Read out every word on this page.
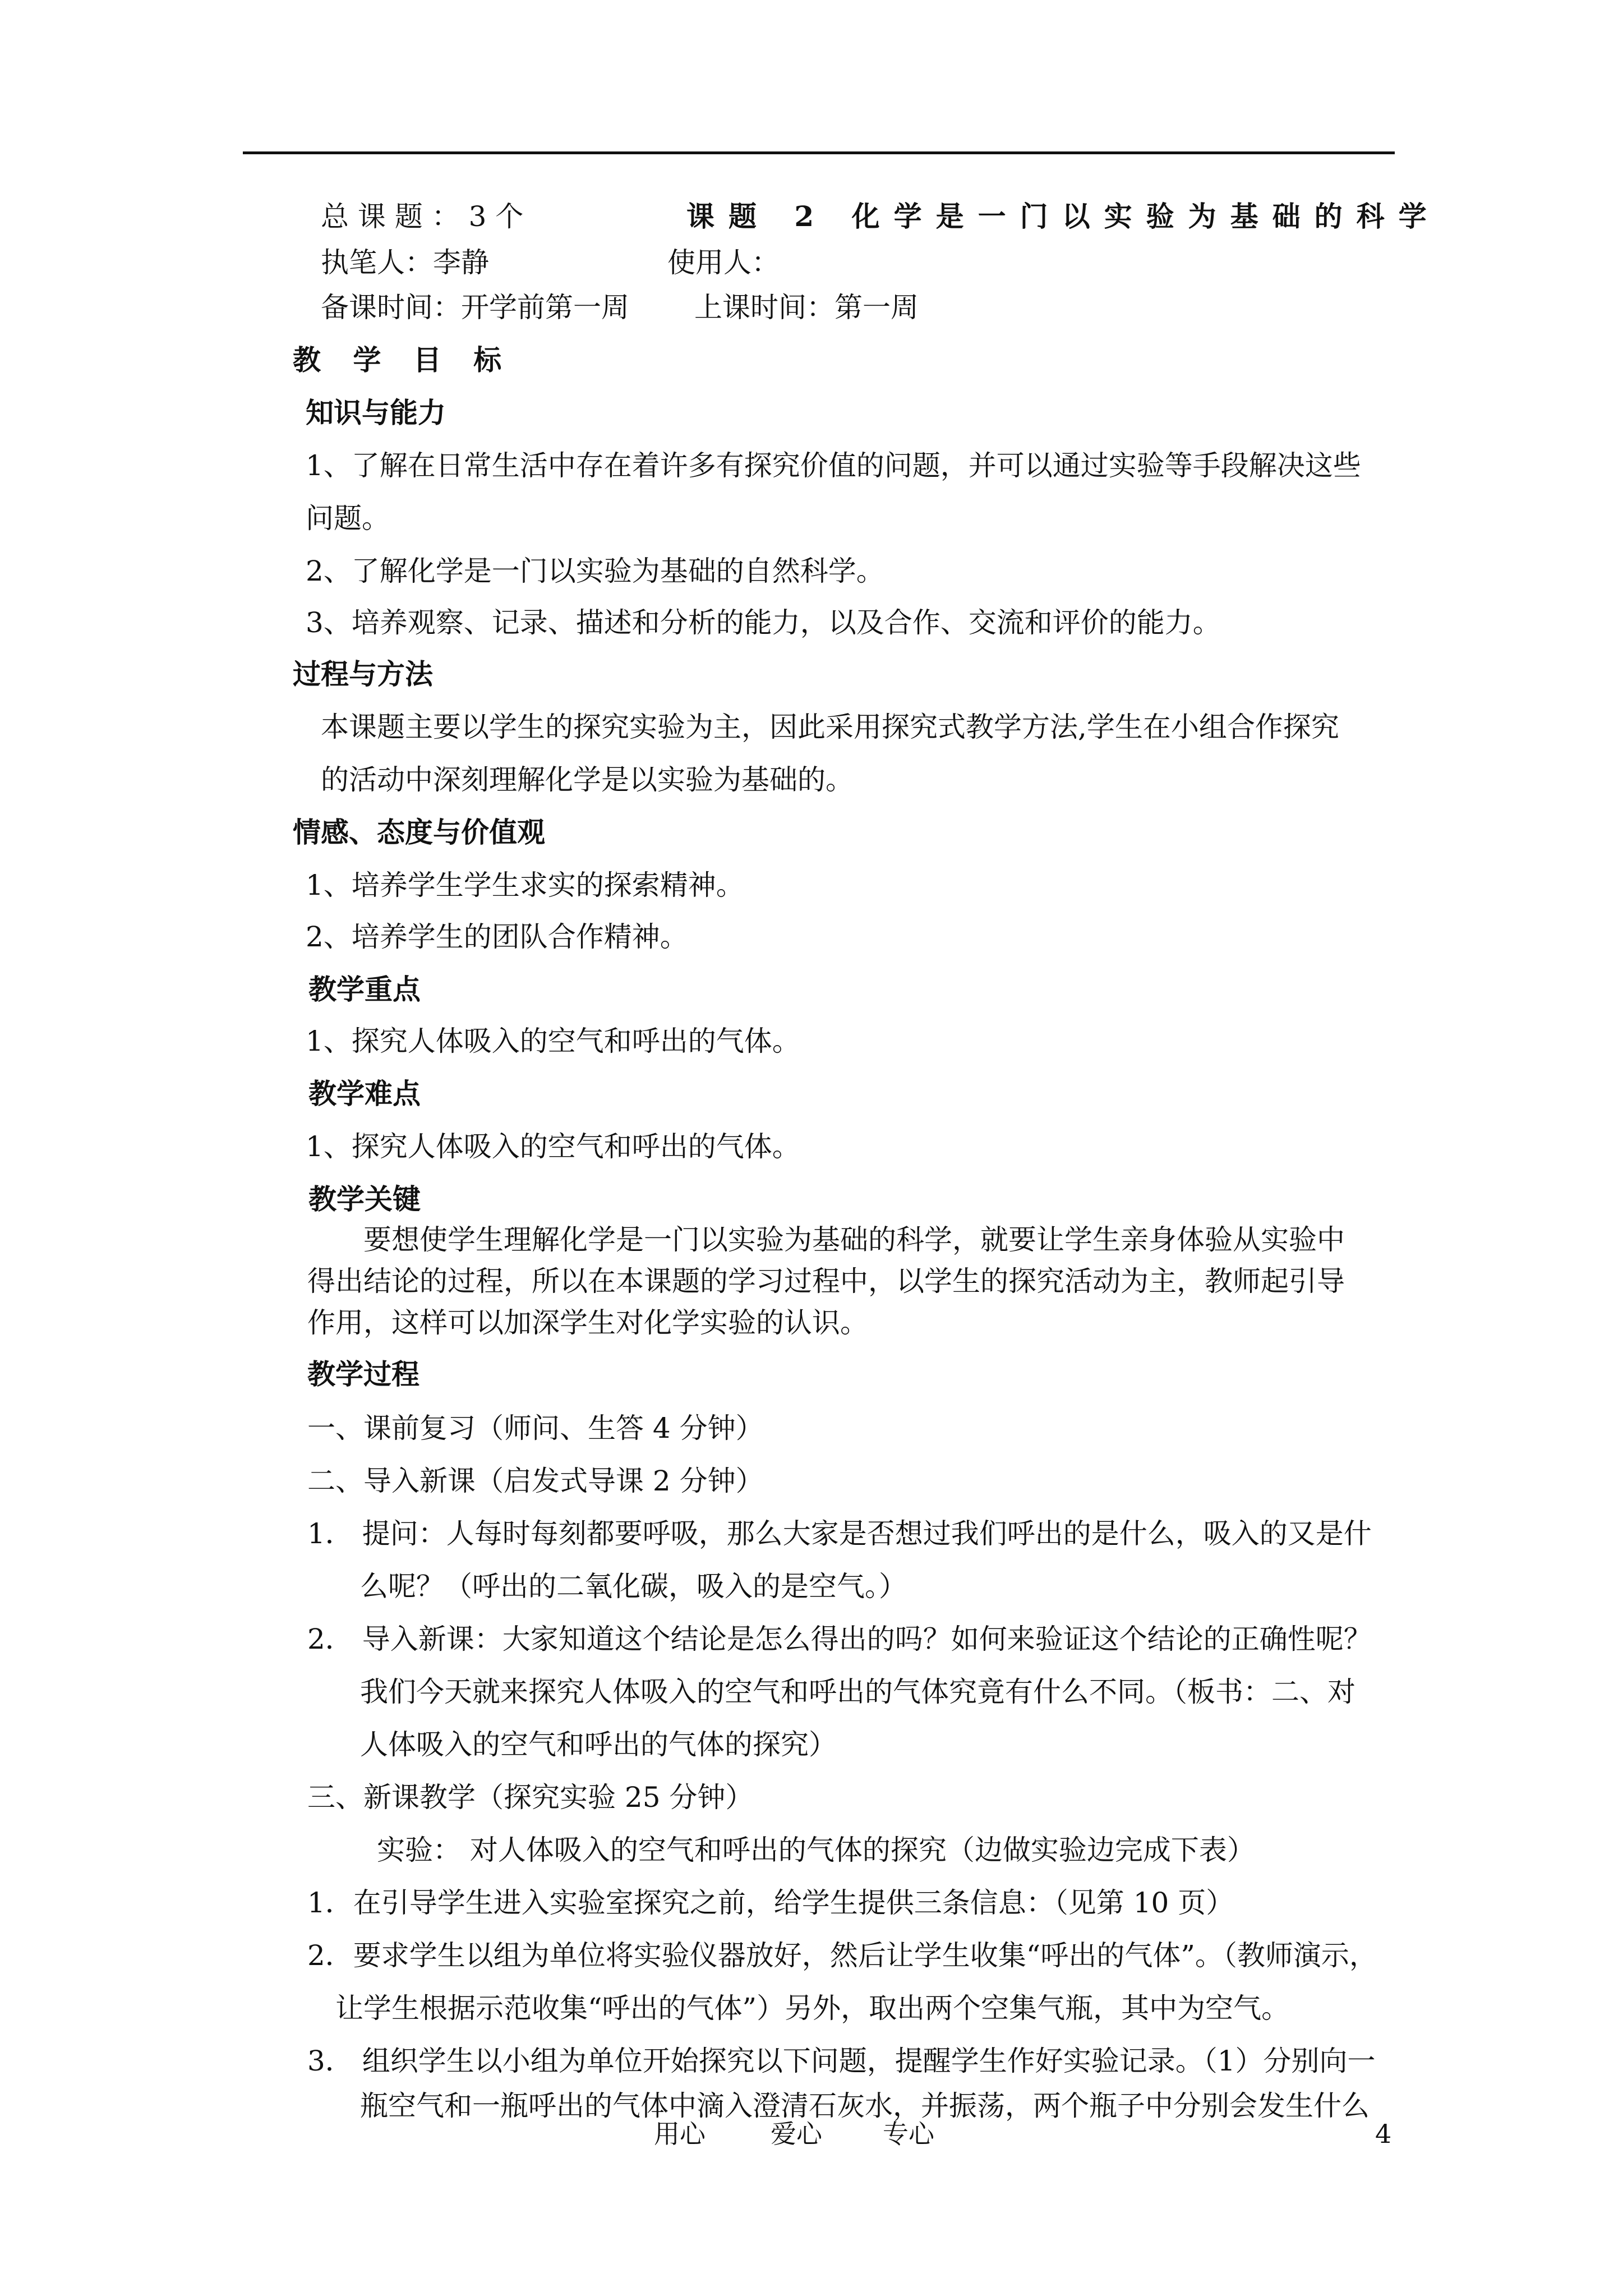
总 课 题 ： 3 个	课题 2 化学是一门以实验为基础的科学
执笔人：李静	使用人：
备课时间：开学前第一周 上课时间：第一周
教 学 目 标
知识与能力
1、了解在日常生活中存在着许多有探究价值的问题，并可以通过实验等手段解决这些
问题。
2、了解化学是一门以实验为基础的自然科学。
3、培养观察、记录、描述和分析的能力，以及合作、交流和评价的能力。
过程与方法
本课题主要以学生的探究实验为主，因此采用探究式教学方法,学生在小组合作探究
的活动中深刻理解化学是以实验为基础的。
情感、态度与价值观
1、培养学生学生求实的探索精神。
2、培养学生的团队合作精神。
教学重点
1、探究人体吸入的空气和呼出的气体。
教学难点
1、探究人体吸入的空气和呼出的气体。
教学关键
要想使学生理解化学是一门以实验为基础的科学，就要让学生亲身体验从实验中
得出结论的过程，所以在本课题的学习过程中，以学生的探究活动为主，教师起引导
作用，这样可以加深学生对化学实验的认识。
教学过程
一、课前复习（师问、生答 4 分钟）
二、导入新课（启发式导课 2 分钟）
1． 提问：人每时每刻都要呼吸，那么大家是否想过我们呼出的是什么，吸入的又是什
么呢？（呼出的二氧化碳，吸入的是空气。）
2． 导入新课：大家知道这个结论是怎么得出的吗？如何来验证这个结论的正确性呢？
我们今天就来探究人体吸入的空气和呼出的气体究竟有什么不同。（板书：二、对
人体吸入的空气和呼出的气体的探究）
三、新课教学（探究实验 25 分钟）
实验： 对人体吸入的空气和呼出的气体的探究（边做实验边完成下表）
1．在引导学生进入实验室探究之前，给学生提供三条信息：（见第 10 页）
2．要求学生以组为单位将实验仪器放好，然后让学生收集“呼出的气体”。（教师演示，
让学生根据示范收集“呼出的气体”）另外，取出两个空集气瓶，其中为空气。
3． 组织学生以小组为单位开始探究以下问题，提醒学生作好实验记录。（1）分别向一
瓶空气和一瓶呼出的气体中滴入澄清石灰水，并振荡，两个瓶子中分别会发生什么
用心	爱心 专心	4
